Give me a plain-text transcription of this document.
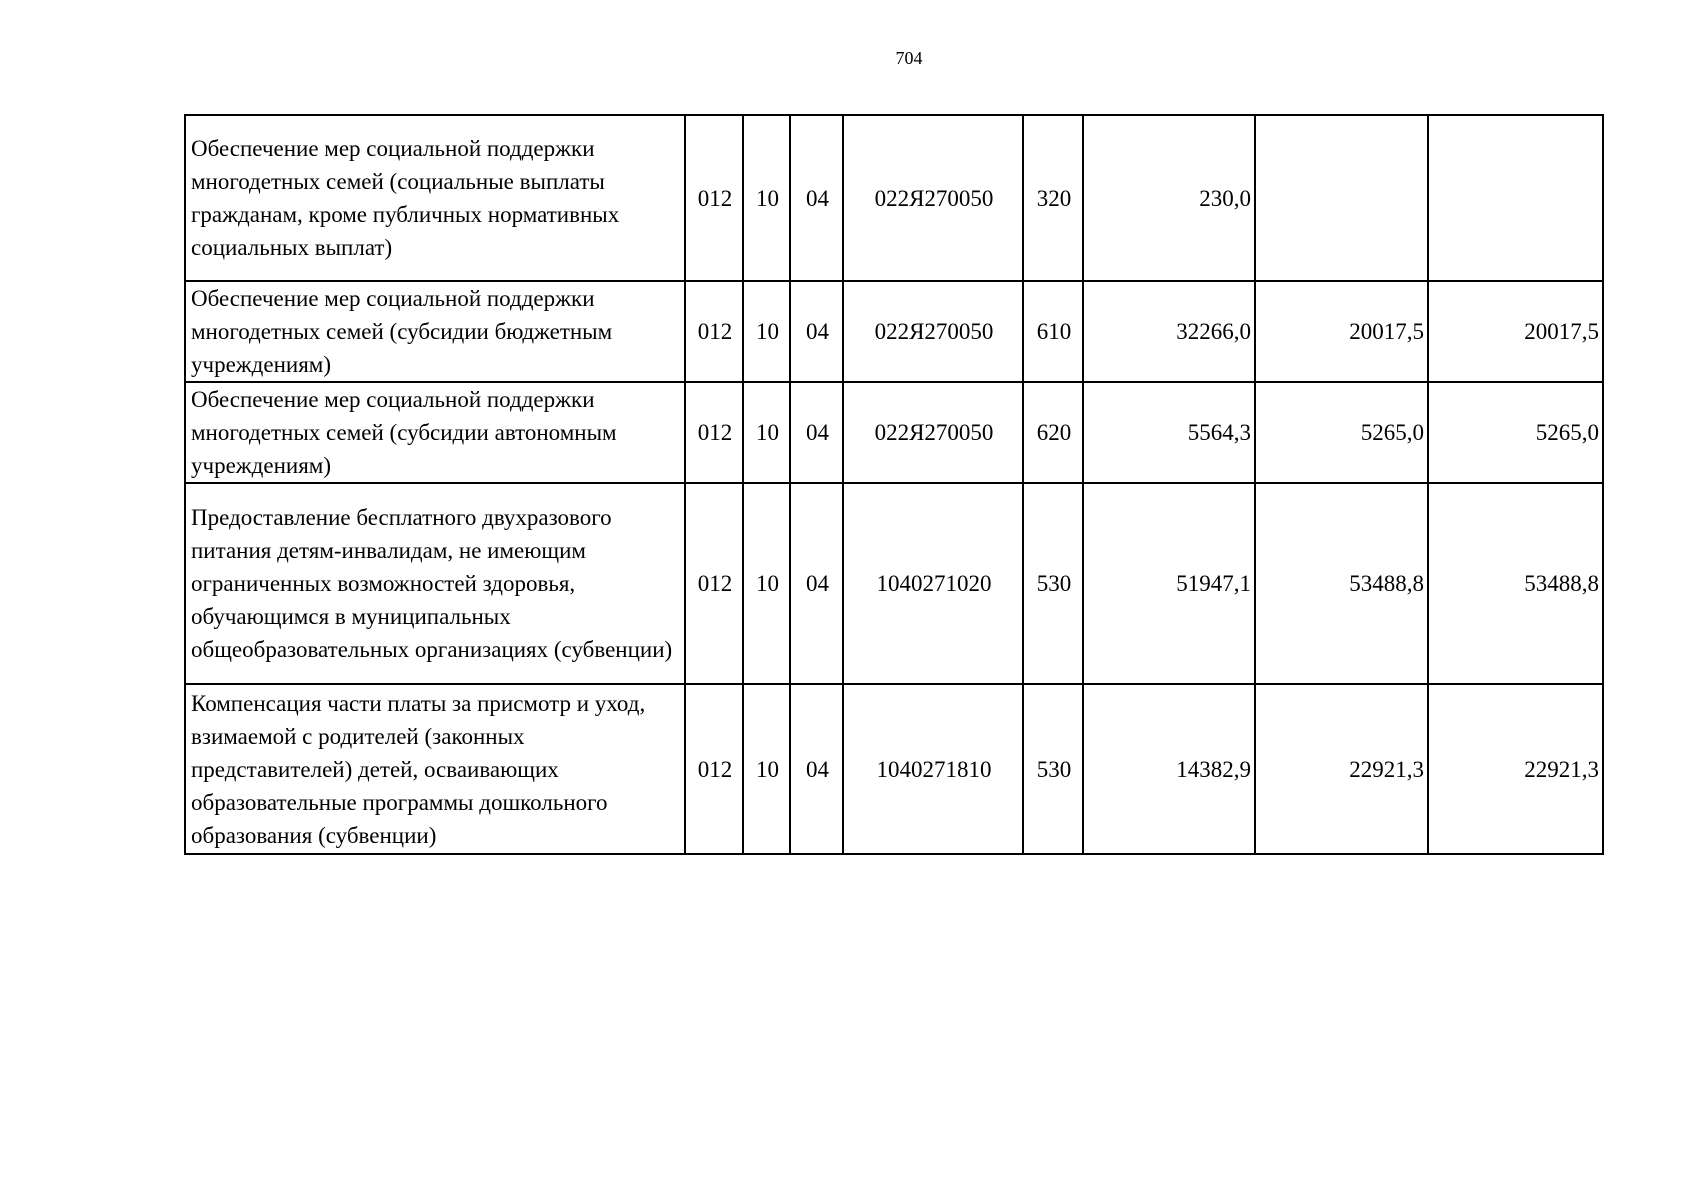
704
Обеспечение мер социальной поддержки многодетных семей (социальные выплаты гражданам, кроме публичных нормативных социальных выплат)	012	10	04	022Я270050	320	230,0		
Обеспечение мер социальной поддержки многодетных семей (субсидии бюджетным учреждениям)	012	10	04	022Я270050	610	32266,0	20017,5	20017,5
Обеспечение мер социальной поддержки многодетных семей (субсидии автономным учреждениям)	012	10	04	022Я270050	620	5564,3	5265,0	5265,0
Предоставление бесплатного двухразового питания детям-инвалидам, не имеющим ограниченных возможностей здоровья, обучающимся в муниципальных общеобразовательных организациях (субвенции)	012	10	04	1040271020	530	51947,1	53488,8	53488,8
Компенсация части платы за присмотр и уход, взимаемой с родителей (законных представителей) детей, осваивающих образовательные программы дошкольного образования (субвенции)	012	10	04	1040271810	530	14382,9	22921,3	22921,3
